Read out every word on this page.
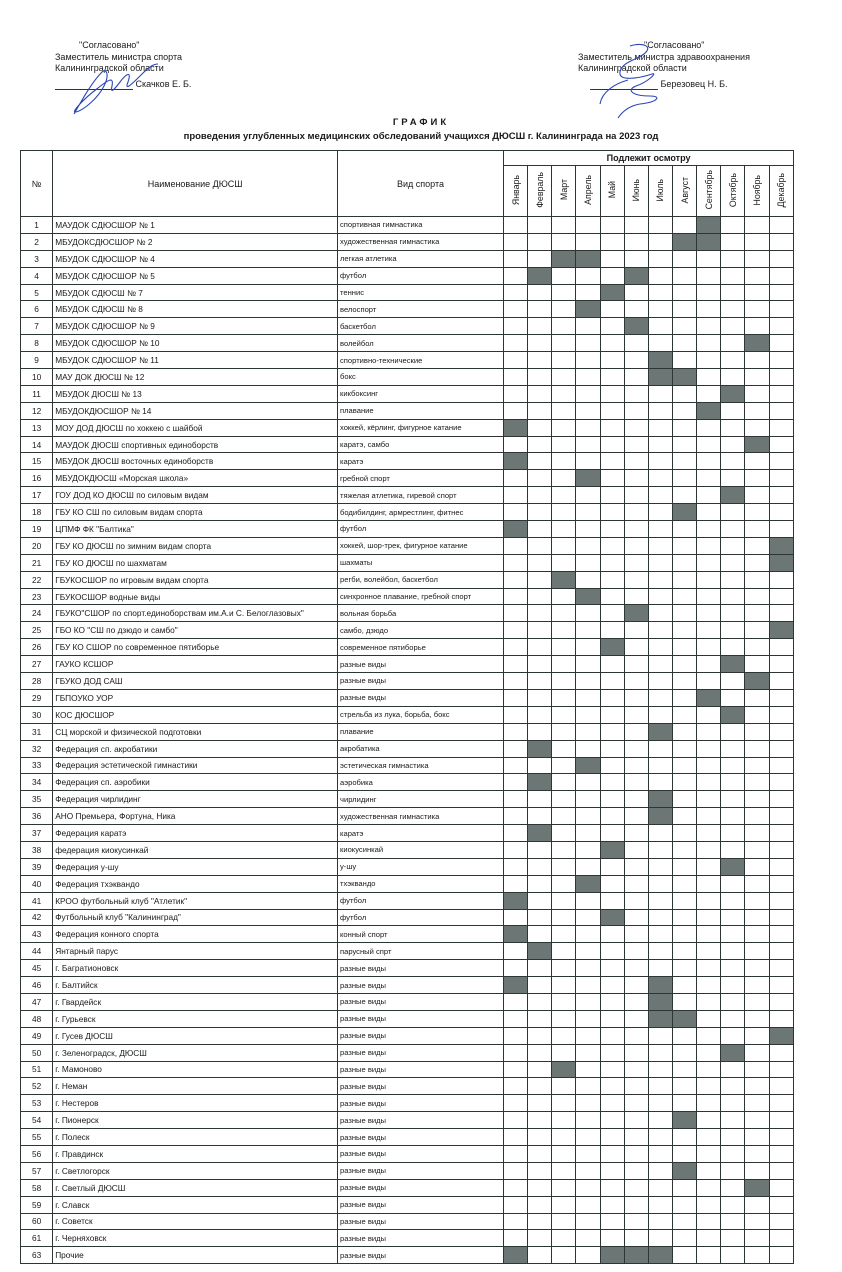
"Согласовано"
Заместитель министра спорта
Калининградской области
Скачков Е. Б.
"Согласовано"
Заместитель министра здравоохранения
Калининградской области
Березовец Н. Б.
ГРАФИК
проведения углубленных медицинских обследований учащихся ДЮСШ г. Калининграда на 2023 год
№	Наименование ДЮСШ	Вид спорта	Подлежит осмотру											
			Январь	Февраль	Март	Апрель	Май	Июнь	Июль	Август	Сентябрь	Октябрь	Ноябрь	Декабрь
1	МАУДОК СДЮСШОР № 1	спортивная гимнастика												
2	МБУДОКСДЮСШОР № 2	художественная гимнастика												
3	МБУДОК СДЮСШОР № 4	легкая атлетика												
4	МБУДОК СДЮСШОР № 5	футбол												
5	МБУДОК СДЮСШ № 7	теннис												
6	МБУДОК СДЮСШ № 8	велоспорт												
7	МБУДОК СДЮСШОР № 9	баскетбол												
8	МБУДОК СДЮСШОР № 10	волейбол												
9	МБУДОК СДЮСШОР № 11	спортивно-технические												
10	МАУ ДОК ДЮСШ № 12	бокс												
11	МБУДОК ДЮСШ № 13	кикбоксинг												
12	МБУДОКДЮСШОР № 14	плавание												
13	МОУ ДОД ДЮСШ по хоккею с шайбой	хоккей, кёрлинг, фигурное катание												
14	МАУДОК ДЮСШ спортивных единоборств	каратэ, самбо												
15	МБУДОК ДЮСШ восточных единоборств	каратэ												
16	МБУДОКДЮСШ «Морская школа»	гребной спорт												
17	ГОУ ДОД КО ДЮСШ по силовым видам	тяжелая атлетика, гиревой спорт												
18	ГБУ КО СШ по силовым видам спорта	бодибилдинг, армрестлинг, фитнес												
19	ЦПМФ ФК "Балтика"	футбол												
20	ГБУ КО ДЮСШ по зимним видам спорта	хоккей, шор-трек, фигурное катание												
21	ГБУ КО ДЮСШ по шахматам	шахматы												
22	ГБУКОСШОР по игровым видам спорта	регби, волейбол, баскетбол												
23	ГБУКОСШОР водные виды	синхронное плавание, гребной спорт												
24	ГБУКО"СШОР по спорт.единоборствам им.А.и С. Белоглазовых"	вольная борьба												
25	ГБО КО "СШ по дзюдо и самбо"	самбо, дзюдо												
26	ГБУ КО СШОР по современное пятиборье	современное пятиборье												
27	ГАУКО КСШОР	разные виды												
28	ГБУКО ДОД САШ	разные виды												
29	ГБПОУКО УОР	разные виды												
30	КОС ДЮСШОР	стрельба из лука, борьба, бокс												
31	СЦ морской и физической подготовки	плавание												
32	Федерация сп. акробатики	акробатика												
33	Федерация эстетической гимнастики	эстетическая гимнастика												
34	Федерация сп. аэробики	аэробика												
35	Федерация чирлидинг	чирлидинг												
36	АНО Премьера, Фортуна, Ника	художественная гимнастика												
37	Федерация каратэ	каратэ												
38	федерация киокусинкай	киокусинкай												
39	Федерация у-шу	у-шу												
40	Федерация тхэквандо	тхэквандо												
41	КРОО футбольный клуб "Атлетик"	футбол												
42	Футбольный клуб "Калининград"	футбол												
43	Федерация конного спорта	конный спорт												
44	Янтарный парус	парусный спрт												
45	г. Багратионовск	разные виды												
46	г. Балтийск	разные виды												
47	г. Гвардейск	разные виды												
48	г. Гурьевск	разные виды												
49	г. Гусев ДЮСШ	разные виды												
50	г. Зеленоградск, ДЮСШ	разные виды												
51	г. Мамоново	разные виды												
52	г. Неман	разные виды												
53	г. Нестеров	разные виды												
54	г. Пионерск	разные виды												
55	г. Полеск	разные виды												
56	г. Правдинск	разные виды												
57	г. Светлогорск	разные виды												
58	г. Светлый ДЮСШ	разные виды												
59	г. Славск	разные виды												
60	г. Советск	разные виды												
61	г. Черняховск	разные виды												
63	Прочие	разные виды												
